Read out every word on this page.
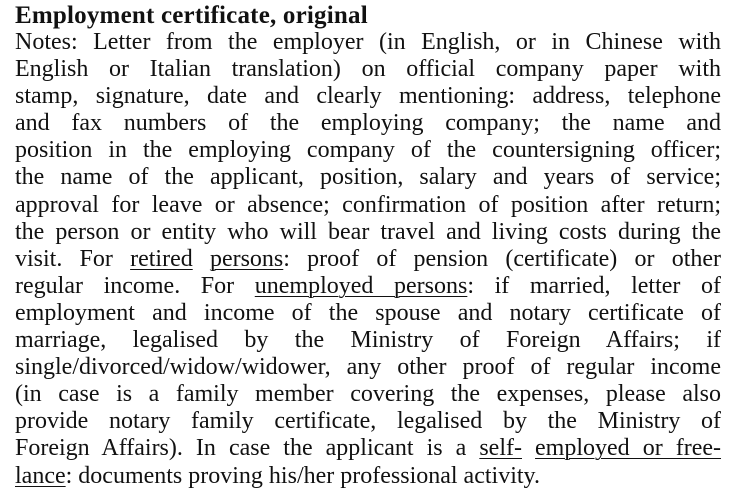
Employment certificate, original
Notes: Letter from the employer (in English, or in Chinese with
English or Italian translation) on official company paper with
stamp, signature, date and clearly mentioning: address, telephone
and fax numbers of the employing company; the name and
position in the employing company of the countersigning officer;
the name of the applicant, position, salary and years of service;
approval for leave or absence; confirmation of position after return;
the person or entity who will bear travel and living costs during the
visit. For retired persons: proof of pension (certificate) or other
regular income. For unemployed persons: if married, letter of
employment and income of the spouse and notary certificate of
marriage, legalised by the Ministry of Foreign Affairs; if
single/divorced/widow/widower, any other proof of regular income
(in case is a family member covering the expenses, please also
provide notary family certificate, legalised by the Ministry of
Foreign Affairs). In case the applicant is a self- employed or free-
lance: documents proving his/her professional activity.
